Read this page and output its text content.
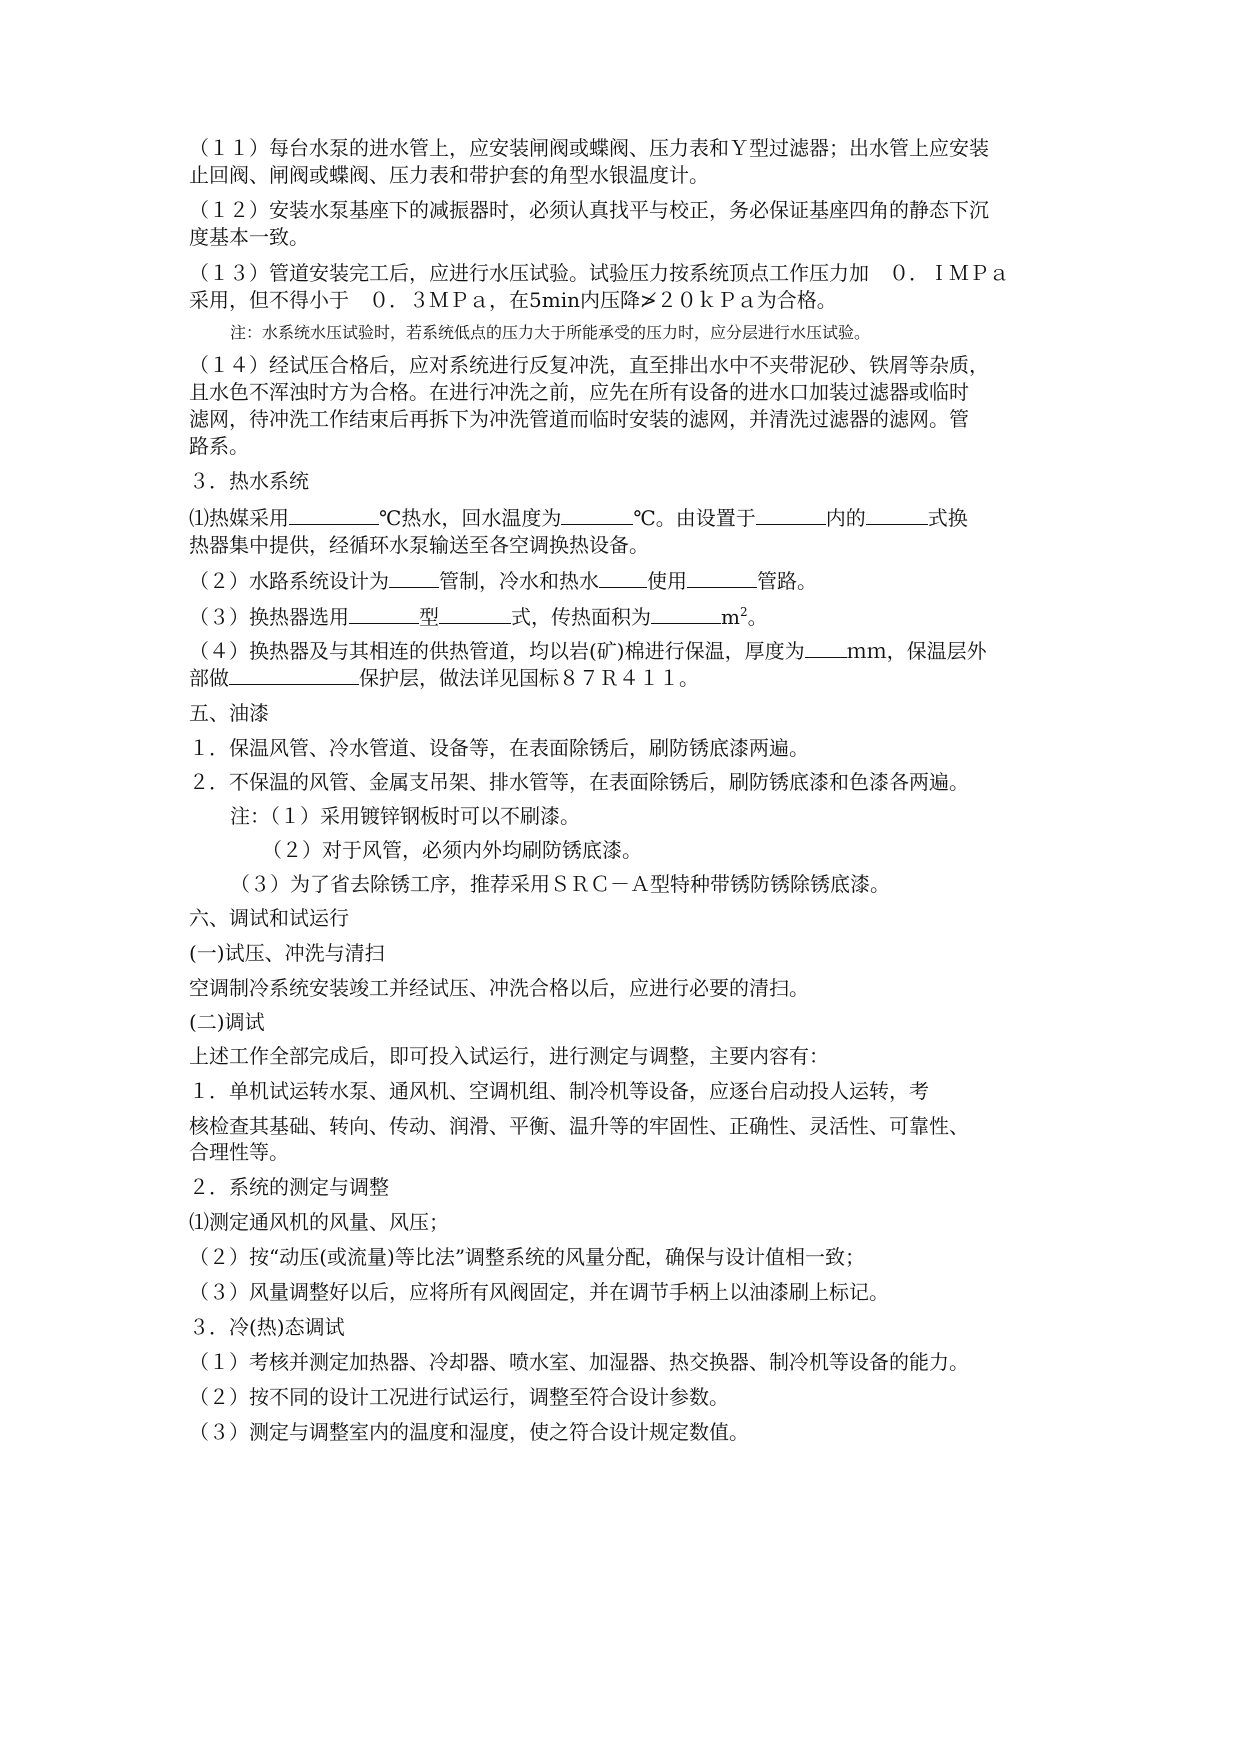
（１１）每台水泵的进水管上，应安装闸阀或蝶阀、压力表和Ｙ型过滤器；出水管上应安装
止回阀、闸阀或蝶阀、压力表和带护套的角型水银温度计。
（１２）安装水泵基座下的减振器时，必须认真找平与校正，务必保证基座四角的静态下沉
度基本一致。
（１３）管道安装完工后，应进行水压试验。试验压力按系统顶点工作压力加　０．ＩＭＰａ
采用，但不得小于　０．３ＭＰａ，在5min内压降≯２０ｋＰａ为合格。
注：水系统水压试验时，若系统低点的压力大于所能承受的压力时，应分层进行水压试验。
（１４）经试压合格后，应对系统进行反复冲洗，直至排出水中不夹带泥砂、铁屑等杂质，
且水色不浑浊时方为合格。在进行冲洗之前，应先在所有设备的进水口加装过滤器或临时
滤网，待冲洗工作结束后再拆下为冲洗管道而临时安装的滤网，并清洗过滤器的滤网。管
路系。
３．热水系统
⑴热媒采用	℃热水，回水温度为	℃。由设置于	内的	式换
热器集中提供，经循环水泵输送至各空调换热设备。
（２）水路系统设计为	管制，冷水和热水 使用	管路。
（３）换热器选用	型	式，传热面积为	$m^2$。
（４）换热器及与其相连的供热管道，均以岩(矿)棉进行保温，厚度为 ｍｍ，保温层外
部做	保护层，做法详见国标８７Ｒ４１１。
五、油漆
１．保温风管、冷水管道、设备等，在表面除锈后，刷防锈底漆两遍。
２．不保温的风管、金属支吊架、排水管等，在表面除锈后，刷防锈底漆和色漆各两遍。
注：（１）采用镀锌钢板时可以不刷漆。
（２）对于风管，必须内外均刷防锈底漆。
（３）为了省去除锈工序，推荐采用ＳＲＣ－Ａ型特种带锈防锈除锈底漆。
六、调试和试运行
(一)试压、冲洗与清扫
空调制冷系统安装竣工并经试压、冲洗合格以后，应进行必要的清扫。
(二)调试
上述工作全部完成后，即可投入试运行，进行测定与调整，主要内容有：
１．单机试运转水泵、通风机、空调机组、制冷机等设备，应逐台启动投人运转，考
核检查其基础、转向、传动、润滑、平衡、温升等的牢固性、正确性、灵活性、可靠性、
合理性等。
２．系统的测定与调整
⑴测定通风机的风量、风压；
（２）按“动压(或流量)等比法”调整系统的风量分配，确保与设计值相一致；
（３）风量调整好以后，应将所有风阀固定，并在调节手柄上以油漆刷上标记。
３．冷(热)态调试
（１）考核并测定加热器、冷却器、喷水室、加湿器、热交换器、制冷机等设备的能力。
（２）按不同的设计工况进行试运行，调整至符合设计参数。
（３）测定与调整室内的温度和湿度，使之符合设计规定数值。
